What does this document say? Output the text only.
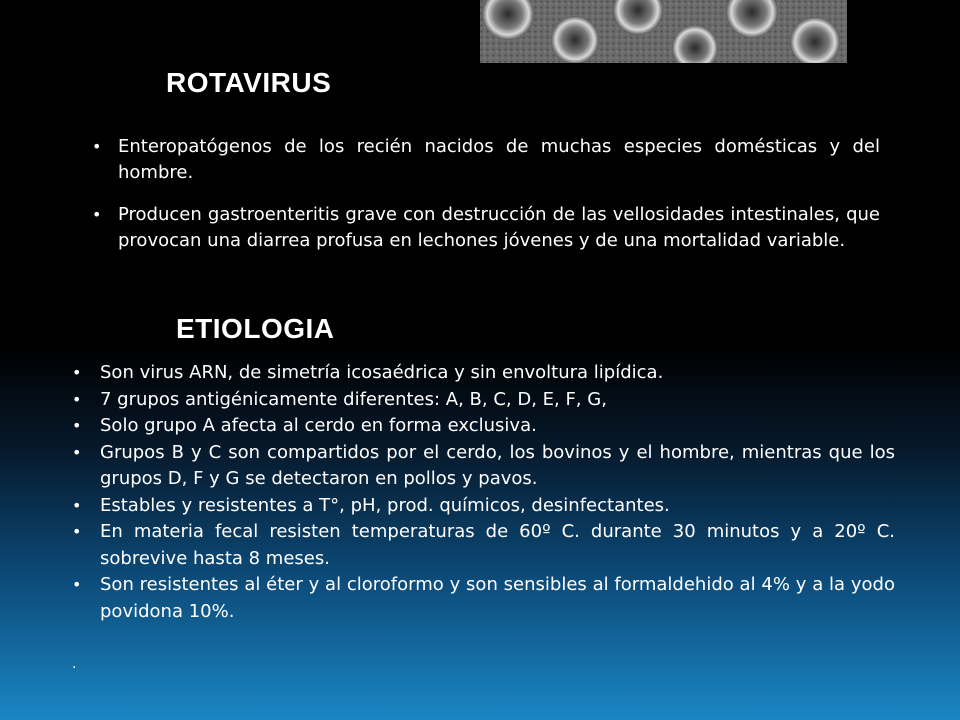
ROTAVIRUS
• Enteropatógenos de los recién nacidos de muchas especies domésticas y del hombre.
• Producen gastroenteritis grave con destrucción de las vellosidades intestinales, que provocan una diarrea profusa en lechones jóvenes y de una mortalidad variable.
ETIOLOGIA
• Son virus ARN, de simetría icosaédrica y sin envoltura lipídica.
• 7 grupos antigénicamente diferentes: A, B, C, D, E, F, G,
• Solo grupo A afecta al cerdo en forma exclusiva.
• Grupos B y C son compartidos por el cerdo, los bovinos y el hombre, mientras que los grupos D, F y G se detectaron en pollos y pavos.
• Estables y resistentes a T°, pH, prod. químicos, desinfectantes.
• En materia fecal resisten temperaturas de 60º C. durante 30 minutos y a 20º C. sobrevive hasta 8 meses.
• Son resistentes al éter y al cloroformo y son sensibles al formaldehido al 4% y a la yodo povidona 10%.
.
